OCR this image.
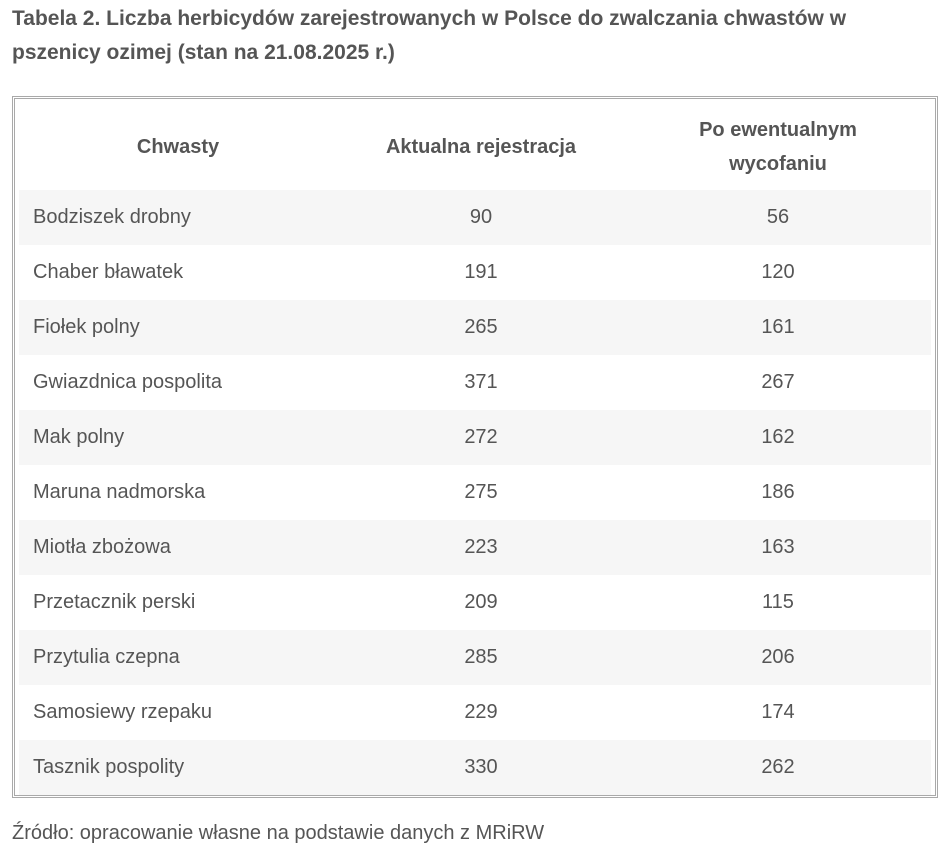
Tabela 2. Liczba herbicydów zarejestrowanych w Polsce do zwalczania chwastów w
pszenicy ozimej (stan na 21.08.2025 r.)

Chwasty	Aktualna rejestracja	Po ewentualnym
wycofaniu
Bodziszek drobny	90	56
Chaber bławatek	191	120
Fiołek polny	265	161
Gwiazdnica pospolita	371	267
Mak polny	272	162
Maruna nadmorska	275	186
Miotła zbożowa	223	163
Przetacznik perski	209	115
Przytulia czepna	285	206
Samosiewy rzepaku	229	174
Tasznik pospolity	330	262

Źródło: opracowanie własne na podstawie danych z MRiRW
